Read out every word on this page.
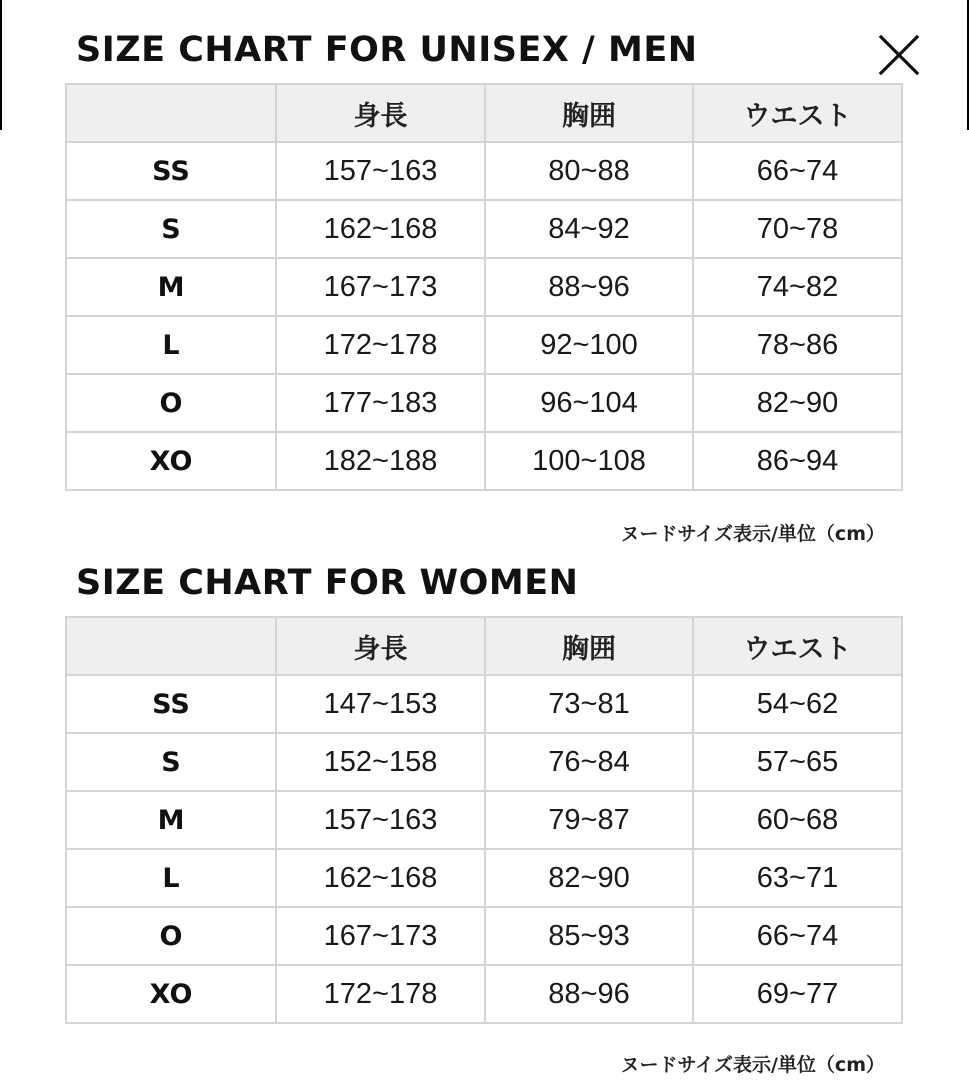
SIZE CHART FOR UNISEX / MEN
	身長	胸囲	ウエスト
SS	157~163	80~88	66~74
S	162~168	84~92	70~78
M	167~173	88~96	74~82
L	172~178	92~100	78~86
O	177~183	96~104	82~90
XO	182~188	100~108	86~94
ヌードサイズ表示/単位（cm）
SIZE CHART FOR WOMEN
	身長	胸囲	ウエスト
SS	147~153	73~81	54~62
S	152~158	76~84	57~65
M	157~163	79~87	60~68
L	162~168	82~90	63~71
O	167~173	85~93	66~74
XO	172~178	88~96	69~77
ヌードサイズ表示/単位（cm）
